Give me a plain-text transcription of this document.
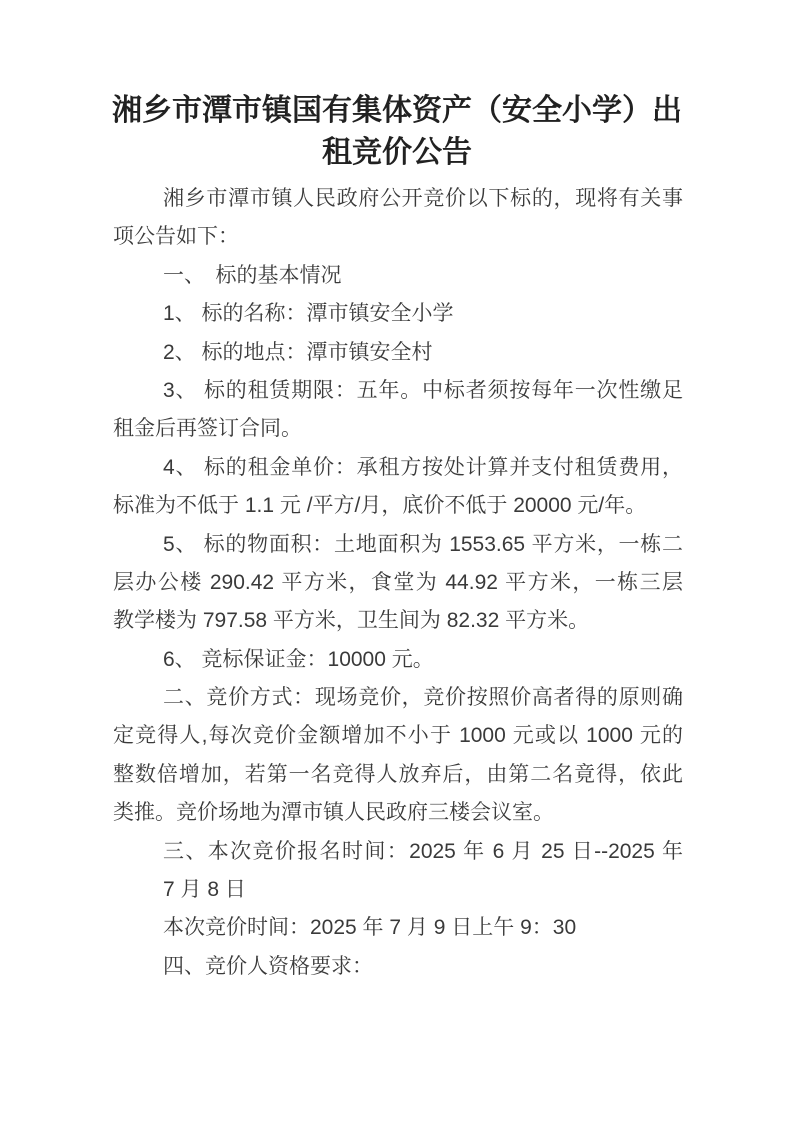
湘乡市潭市镇国有集体资产（安全小学）出
租竞价公告
湘乡市潭市镇人民政府公开竞价以下标的，现将有关事
项公告如下：
一、　标的基本情况
1、 标的名称：潭市镇安全小学
2、 标的地点：潭市镇安全村
3、 标的租赁期限：五年。中标者须按每年一次性缴足
租金后再签订合同。
4、 标的租金单价：承租方按处计算并支付租赁费用，
标准为不低于 1.1 元 /平方/月，底价不低于 20000 元/年。
5、 标的物面积：土地面积为 1553.65 平方米，一栋二
层办公楼 290.42 平方米，食堂为 44.92 平方米，一栋三层
教学楼为 797.58 平方米，卫生间为 82.32 平方米。
6、 竞标保证金：10000 元。
二、竞价方式：现场竞价，竞价按照价高者得的原则确
定竞得人,每次竞价金额增加不小于 1000 元或以 1000 元的
整数倍增加，若第一名竞得人放弃后，由第二名竟得，依此
类推。竞价场地为潭市镇人民政府三楼会议室。
三、本次竞价报名时间：2025 年 6 月 25 日--2025 年
7 月 8 日
本次竞价时间：2025 年 7 月 9 日上午 9：30
四、竞价人资格要求：
